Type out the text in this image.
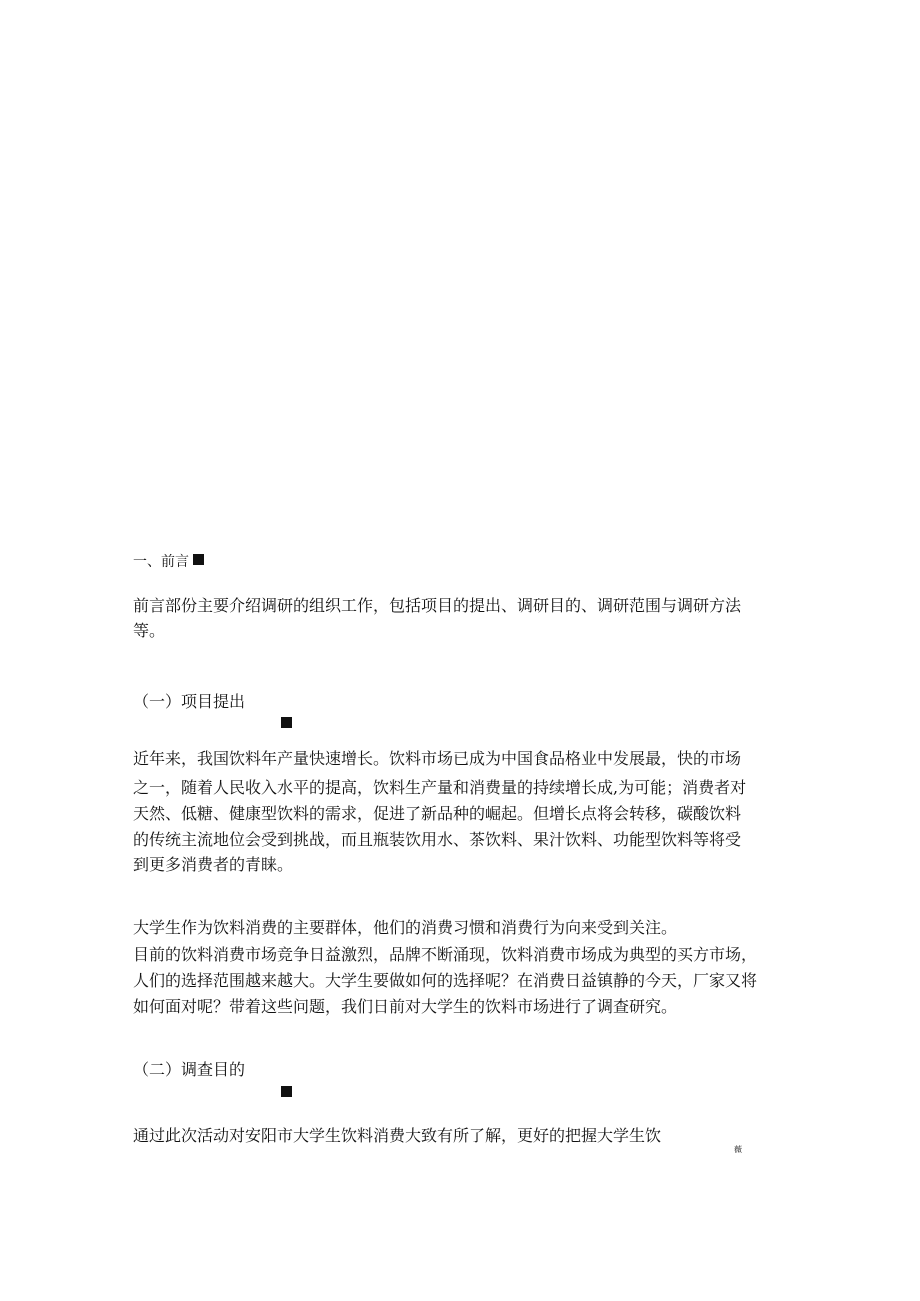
一、前言
前言部份主要介绍调研的组织工作，包括项目的提出、调研目的、调研范围与调研方法
等。
（一）项目提出
近年来，我国饮料年产量快速增长。饮料市场已成为中国食品格业中发展最，快的市场
之一，随着人民收入水平的提高，饮料生产量和消费量的持续增长成,为可能；消费者对
天然、低糖、健康型饮料的需求，促进了新品种的崛起。但增长点将会转移，碳酸饮料
的传统主流地位会受到挑战，而且瓶装饮用水、茶饮料、果汁饮料、功能型饮料等将受
到更多消费者的青睐。
大学生作为饮料消费的主要群体，他们的消费习惯和消费行为向来受到关注。
目前的饮料消费市场竞争日益激烈，品牌不断涌现，饮料消费市场成为典型的买方市场，
人们的选择范围越来越大。大学生要做如何的选择呢？在消费日益镇静的今天，厂家又将
如何面对呢？带着这些问题，我们日前对大学生的饮料市场进行了调查研究。
（二）调查目的
通过此次活动对安阳市大学生饮料消费大致有所了解，更好的把握大学生饮
薇
